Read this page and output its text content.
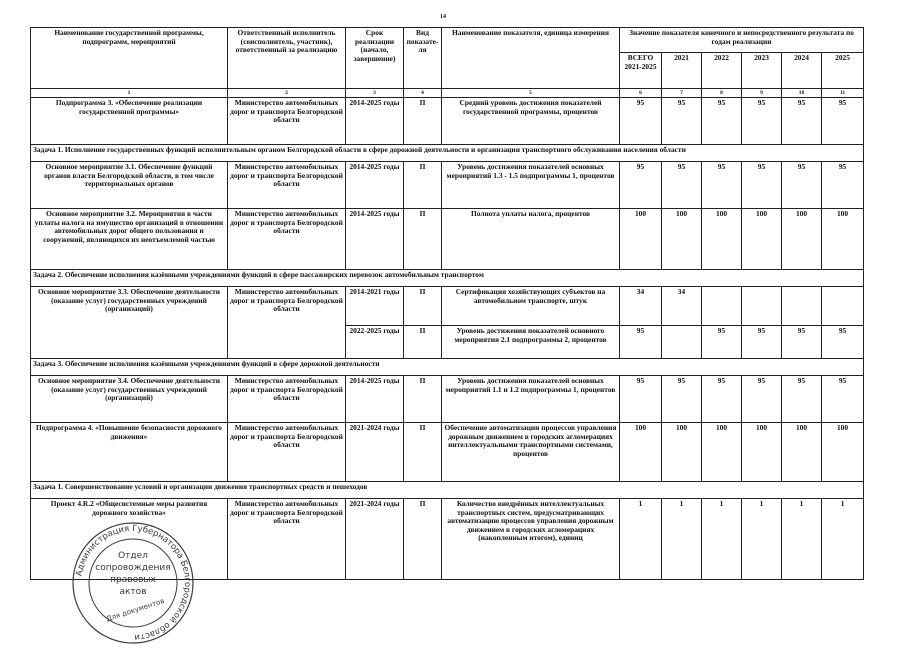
14
Наименование государственной программы, подпрограмм, мероприятий	Ответственный исполнитель (соисполнитель, участник), ответственный за реализацию	Срок реализации (начало, завершение)	Вид показате-ля	Наименование показателя, единица измерения	Значение показателя конечного и непосредственного результата по годам реализации					
					ВСЕГО 2021-2025	2021	2022	2023	2024	2025
1	2	3	4	5	6	7	8	9	10	11
Подпрограмма 3. «Обеспечение реализации государственной программы»	Министерство автомобильных дорог и транспорта Белгородской области	2014-2025 годы	П	Средний уровень достижения показателей государственной программы, процентов	95	95	95	95	95	95
Задача 1. Исполнение государственных функций исполнительным органом Белгородской области в сфере дорожной деятельности и организации транспортного обслуживания населения области										
Основное мероприятие 3.1. Обеспечение функций органов власти Белгородской области, в том числе территориальных органов	Министерство автомобильных дорог и транспорта Белгородской области	2014-2025 годы	П	Уровень достижения показателей основных мероприятий 1.3 - 1.5 подпрограммы 1, процентов	95	95	95	95	95	95
Основное мероприятие 3.2. Мероприятия в части уплаты налога на имущество организаций в отношении автомобильных дорог общего пользования и сооружений, являющихся их неотъемлемой частью	Министерство автомобильных дорог и транспорта Белгородской области	2014-2025 годы	П	Полнота уплаты налога, процентов	100	100	100	100	100	100
Задача 2. Обеспечение исполнения казёнными учреждениями функций в сфере пассажирских перевозок автомобильным транспортом										
Основное мероприятие 3.3. Обеспечение деятельности (оказание услуг) государственных учреждений (организаций)	Министерство автомобильных дорог и транспорта Белгородской области	2014-2021 годы	П	Сертификация хозяйствующих субъектов на автомобильном транспорте, штук	34	34				
		2022-2025 годы	П	Уровень достижения показателей основного мероприятия 2.1 подпрограммы 2, процентов	95		95	95	95	95
Задача 3. Обеспечение исполнения казёнными учреждениями функций в сфере дорожной деятельности										
Основное мероприятие 3.4. Обеспечение деятельности (оказание услуг) государственных учреждений (организаций)	Министерство автомобильных дорог и транспорта Белгородской области	2014-2025 годы	П	Уровень достижения показателей основных мероприятий 1.1 и 1.2 подпрограммы 1, процентов	95	95	95	95	95	95
Подпрограмма 4. «Повышение безопасности дорожного движения»	Министерство автомобильных дорог и транспорта Белгородской области	2021-2024 годы	П	Обеспечение автоматизации процессов управления дорожным движением в городских агломерациях интеллектуальными транспортными системами, процентов	100	100	100	100	100	100
Задача 1. Совершенствование условий и организации движения транспортных средств и пешеходов										
Проект 4.R.2 «Общесистемные меры развития дорожного хозяйства»	Министерство автомобильных дорог и транспорта Белгородской области	2021-2024 годы	П	Количество внедрённых интеллектуальных транспортных систем, предусматривающих автоматизацию процессов управления дорожным движением в городских агломерациях (накопленным итогом), единиц	1	1	1	1	1	1
Администрация Губернатора Белгородской области
Отдел
сопровождения
правовых
актов
Для документов
